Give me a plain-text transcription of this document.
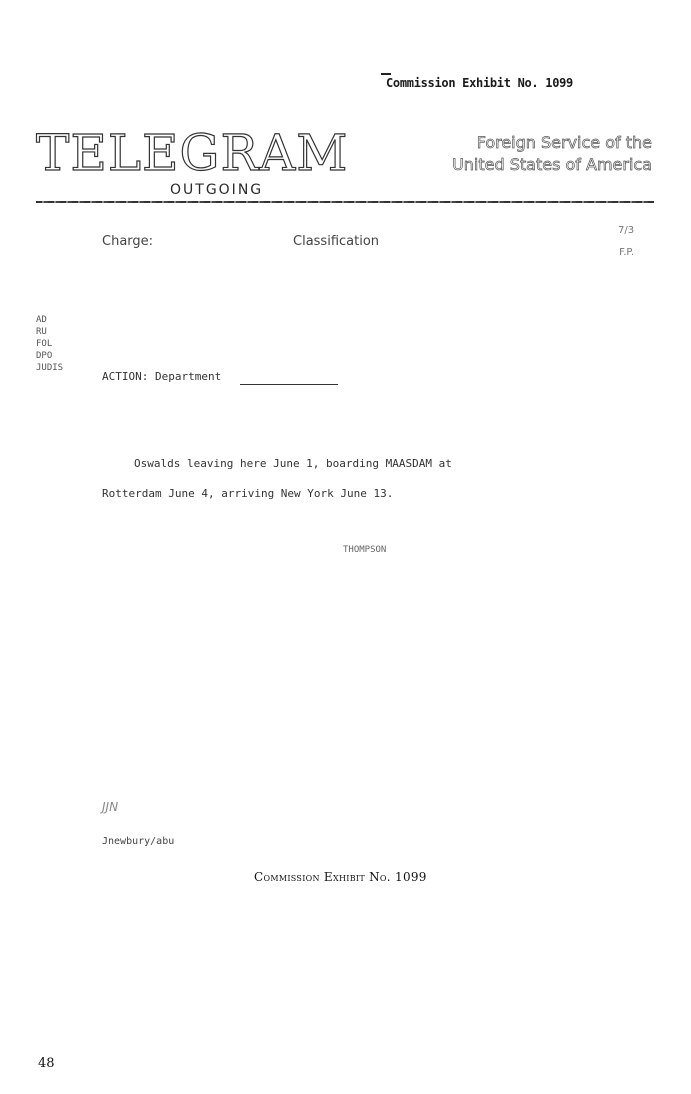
Commission Exhibit No. 1099
TELEGRAM
OUTGOING
Foreign Service of the
United States of America
Charge:	Classification
7/3
F.P.
AD
RU
FOL
DPO
JUDIS
ACTION: Department
Oswalds leaving here June 1, boarding MAASDAM at
Rotterdam June 4, arriving New York June 13.
THOMPSON
JJN
Jnewbury/abu
Commission Exhibit No. 1099
48
